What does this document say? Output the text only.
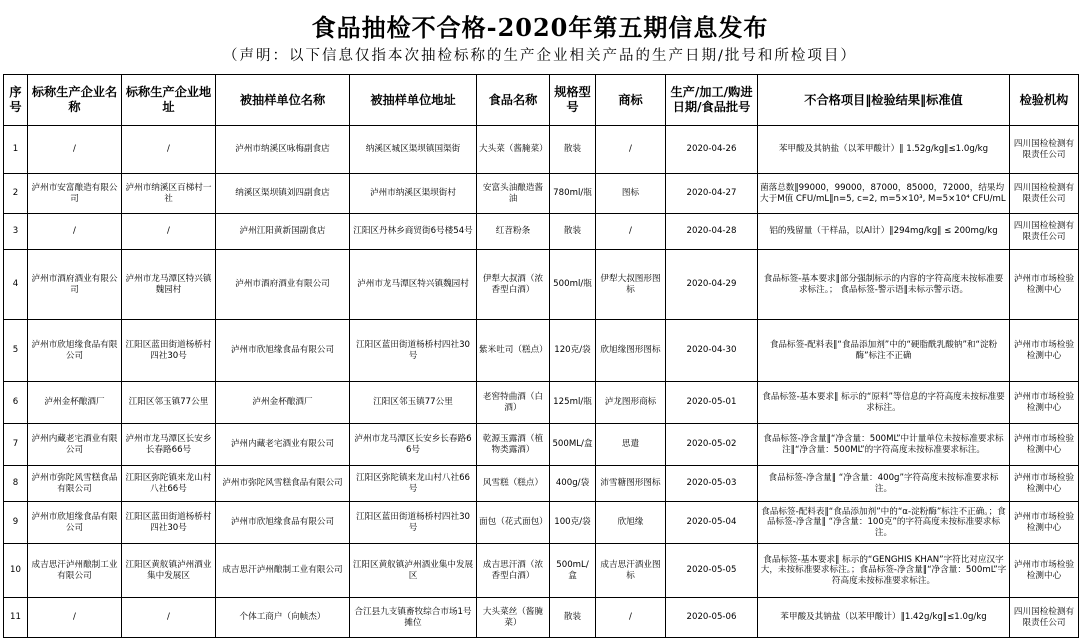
食品抽检不合格-2020年第五期信息发布
（声明：以下信息仅指本次抽检标称的生产企业相关产品的生产日期/批号和所检项目）
序号	标称生产企业名称	标称生产企业地址	被抽样单位名称	被抽样单位地址	食品名称	规格型号	商标	生产/加工/购进日期/食品批号	不合格项目‖检验结果‖标准值	检验机构
1	/	/	泸州市纳溪区咏梅副食店	纳溪区城区渠坝镇国渠街	大头菜（酱腌菜）	散装	/	2020-04-26	苯甲酸及其钠盐（以苯甲酸计）‖ 1.52g/kg‖≤1.0g/kg	四川国检检测有限责任公司
2	泸州市安富酿造有限公司	泸州市纳溪区百梯村一社	纳溪区渠坝镇刘四副食店	泸州市纳溪区渠坝街村	安富头油酿造酱油	780ml/瓶	图标	2020-04-27	菌落总数‖99000，99000，87000，85000，72000，结果均大于M值 CFU/mL‖n=5, c=2, m=5×10³, M=5×10⁴ CFU/mL	四川国检检测有限责任公司
3	/	/	泸州江阳黄新国副食店	江阳区丹林乡商贸街6号楼54号	红苕粉条	散装	/	2020-04-28	铝的残留量（干样品，以Al计）‖294mg/kg‖ ≤ 200mg/kg	四川国检检测有限责任公司
4	泸州市酒府酒业有限公司	泸州市龙马潭区特兴镇魏园村	泸州市酒府酒业有限公司	泸州市龙马潭区特兴镇魏园村	伊犁大叔酒（浓香型白酒）	500ml/瓶	伊犁大叔图形图标	2020-04-29	食品标签-基本要求‖部分强制标示的内容的字符高度未按标准要求标注。； 食品标签-警示语‖未标示警示语。	泸州市市场检验检测中心
5	泸州市欣旭缘食品有限公司	江阳区蓝田街道杨桥村四社30号	泸州市欣旭缘食品有限公司	江阳区蓝田街道杨桥村四社30号	紫米吐司（糕点）	120克/袋	欣旭缘图形图标	2020-04-30	食品标签-配料表‖“食品添加剂”中的“硬脂酰乳酸钠”和“淀粉酶”标注不正确	泸州市市场检验检测中心
6	泸州金杯酿酒厂	江阳区邻玉镇77公里	泸州金杯酿酒厂	江阳区邻玉镇77公里	老窖特曲酒（白酒）	125ml/瓶	泸龙图形商标	2020-05-01	食品标签-基本要求‖ 标示的“原料”等信息的字符高度未按标准要求标注。	泸州市市场检验检测中心
7	泸州内藏老宅酒业有限公司	泸州市龙马潭区长安乡长春路66号	泸州内藏老宅酒业有限公司	泸州市龙马潭区长安乡长春路66号	乾源玉露酒（植物类露酒）	500ML/盒	思遣	2020-05-02	食品标签-净含量‖“净含量：500ML”中计量单位未按标准要求标注‖“净含量：500ML”的字符高度未按标准要求标注。	泸州市市场检验检测中心
8	泸州市弥陀风雪糕食品有限公司	江阳区弥陀镇来龙山村八社66号	泸州市弥陀风雪糕食品有限公司	江阳区弥陀镇来龙山村八社66号	风雪糕（糕点）	400g/袋	沛雪糖图形图标	2020-05-03	食品标签-净含量‖ “净含量：400g”字符高度未按标准要求标注。	泸州市市场检验检测中心
9	泸州市欣旭缘食品有限公司	江阳区蓝田街道杨桥村四社30号	泸州市欣旭缘食品有限公司	江阳区蓝田街道杨桥村四社30号	面包（花式面包）	100克/袋	欣旭缘	2020-05-04	食品标签-配料表‖“食品添加剂”中的“α-淀粉酶”标注不正确。；食品标签-净含量‖ “净含量：100克”的字符高度未按标准要求标注。	泸州市市场检验检测中心
10	成吉思汗泸州酿制工业有限公司	江阳区黄舣镇泸州酒业集中发展区	成吉思汗泸州酿制工业有限公司	江阳区黄舣镇泸州酒业集中发展区	成吉思汗酒（浓香型白酒）	500mL/盒	成吉思汗酒业图标	2020-05-05	食品标签-基本要求‖ 标示的“GENGHIS KHAN”字符比对应汉字大，未按标准要求标注。；食品标签-净含量‖“净含量：500mL”字符高度未按标准要求标注。	泸州市市场检验检测中心
11	/	/	个体工商户（向帧杰）	合江县九支镇畜牧综合市场1号摊位	大头菜丝（酱腌菜）	散装	/	2020-05-06	苯甲酸及其钠盐（以苯甲酸计）‖1.42g/kg‖≤1.0g/kg	四川国检检测有限责任公司
